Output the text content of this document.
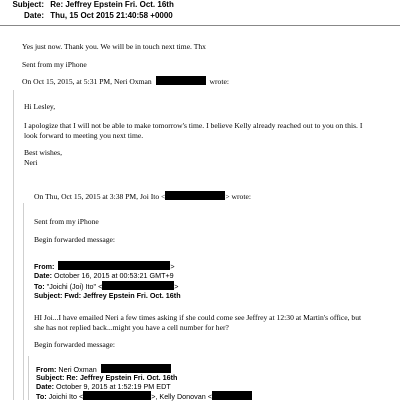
Subject: Re: Jeffrey Epstein Fri. Oct. 16th
Date: Thu, 15 Oct 2015 21:40:58 +0000
Yes just now. Thank you. We will be in touch next time. Thx
Sent from my iPhone
On Oct 15, 2015, at 5:31 PM, Neri Oxman	wrote:
Hi Lesley,
I apologize that I will not be able to make tomorrow's time. I believe Kelly already reached out to you on this. I
look forward to meeting you next time.
Best wishes,
Neri
On Thu, Oct 15, 2015 at 3:38 PM, Joi Ito <	> wrote:
Sent from my iPhone
Begin forwarded message:
From:	>
Date: October 16, 2015 at 00:53:21 GMT+9
To: "Joichi (Joi) Ito" <	>
Subject: Fwd: Jeffrey Epstein Fri. Oct. 16th
HI Joi...I have emailed Neri a few times asking if she could come see Jeffrey at 12:30 at Martin's office, but
she has not replied back...might you have a cell number for her?
Begin forwarded message:
From: Neri Oxman
Subject: Re: Jeffrey Epstein Fri. Oct. 16th
Date: October 9, 2015 at 1:52:19 PM EDT
To: Joichi Ito <	>, Kelly Donovan <
